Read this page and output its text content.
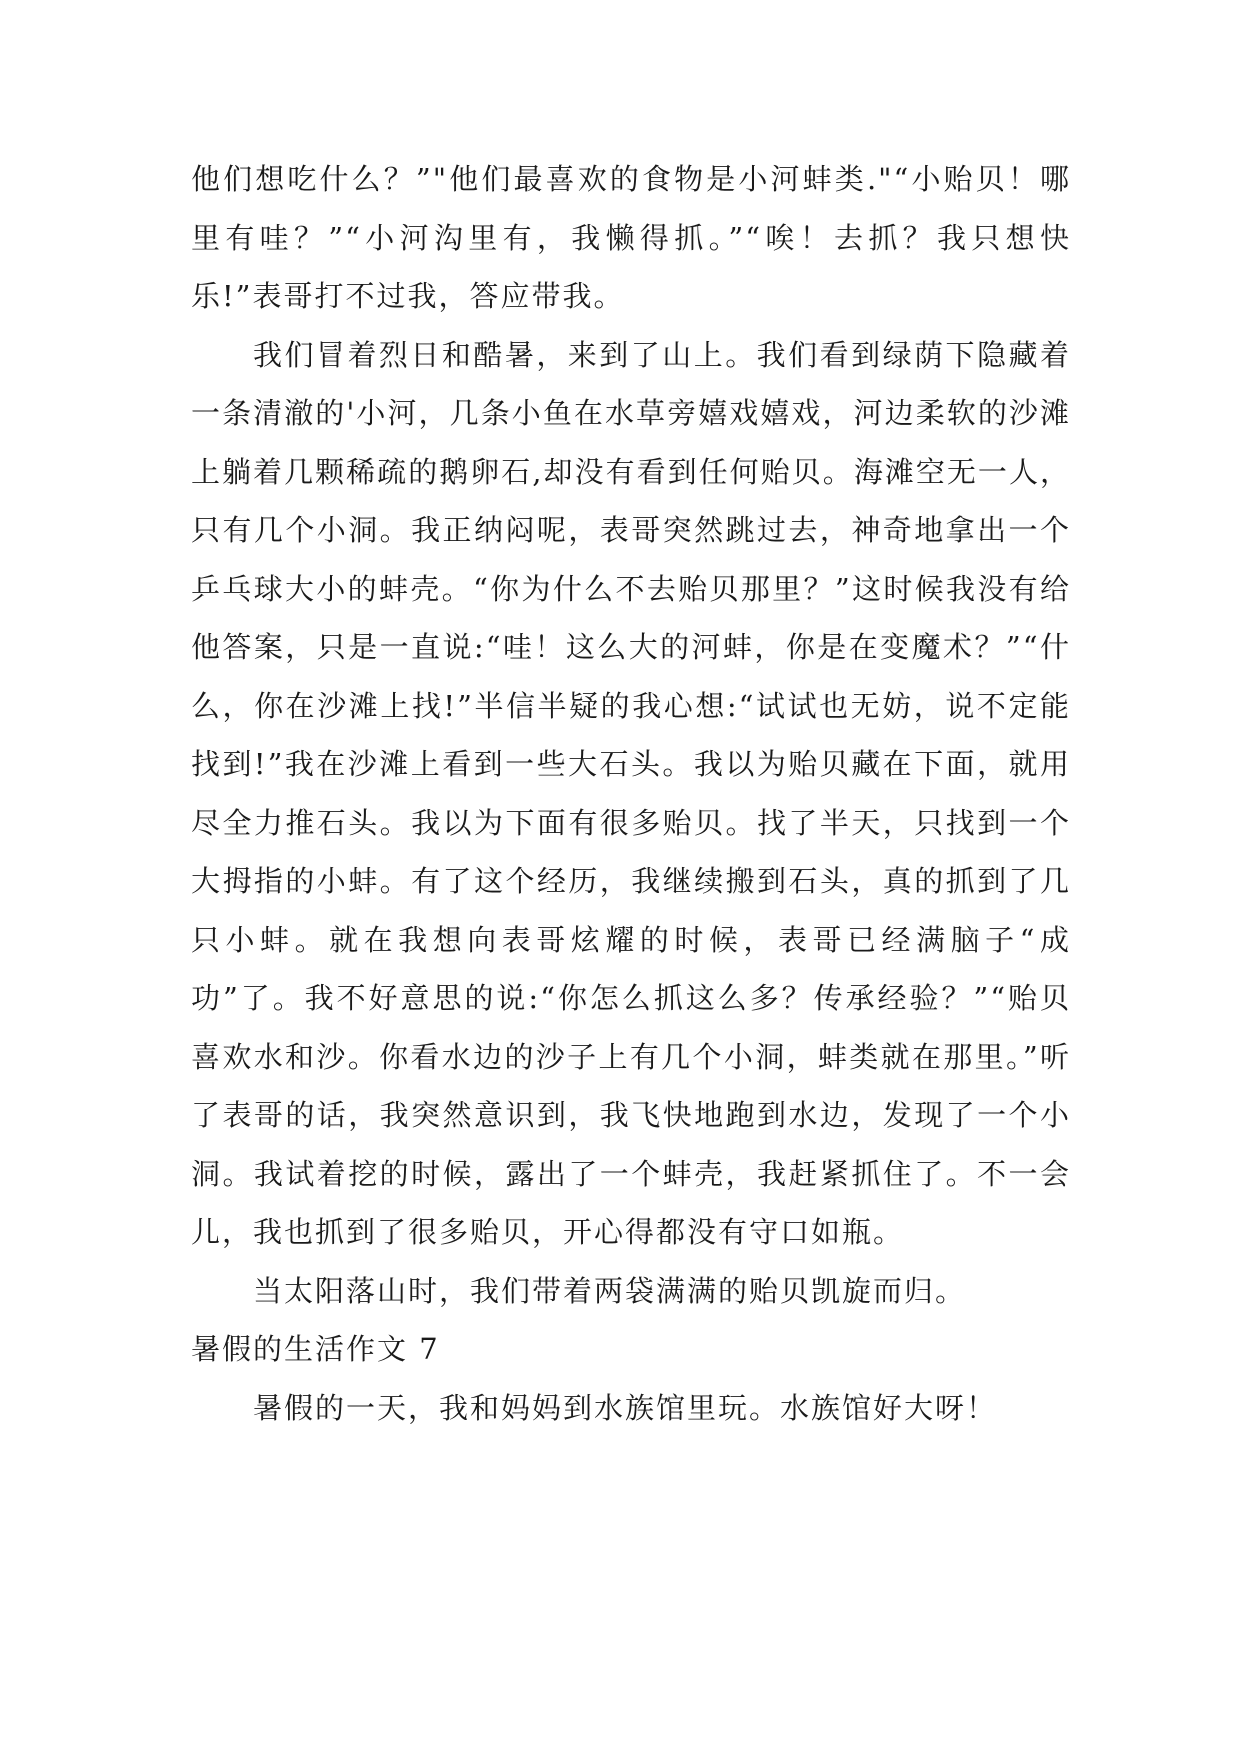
他们想吃什么？”"他们最喜欢的食物是小河蚌类."“小贻贝！哪里有哇？”“小河沟里有，我懒得抓。”“唉！去抓？我只想快乐!”表哥打不过我，答应带我。

我们冒着烈日和酷暑，来到了山上。我们看到绿荫下隐藏着一条清澈的'小河，几条小鱼在水草旁嬉戏嬉戏，河边柔软的沙滩上躺着几颗稀疏的鹅卵石,却没有看到任何贻贝。海滩空无一人，只有几个小洞。我正纳闷呢，表哥突然跳过去，神奇地拿出一个乒乓球大小的蚌壳。“你为什么不去贻贝那里？”这时候我没有给他答案，只是一直说:“哇！这么大的河蚌，你是在变魔术？”“什么，你在沙滩上找!”半信半疑的我心想:“试试也无妨，说不定能找到!”我在沙滩上看到一些大石头。我以为贻贝藏在下面，就用尽全力推石头。我以为下面有很多贻贝。找了半天，只找到一个大拇指的小蚌。有了这个经历，我继续搬到石头，真的抓到了几只小蚌。就在我想向表哥炫耀的时候，表哥已经满脑子“成功”了。我不好意思的说:“你怎么抓这么多？传承经验？”“贻贝喜欢水和沙。你看水边的沙子上有几个小洞，蚌类就在那里。”听了表哥的话，我突然意识到，我飞快地跑到水边，发现了一个小洞。我试着挖的时候，露出了一个蚌壳，我赶紧抓住了。不一会儿，我也抓到了很多贻贝，开心得都没有守口如瓶。

当太阳落山时，我们带着两袋满满的贻贝凯旋而归。

暑假的生活作文 7

暑假的一天，我和妈妈到水族馆里玩。水族馆好大呀！
